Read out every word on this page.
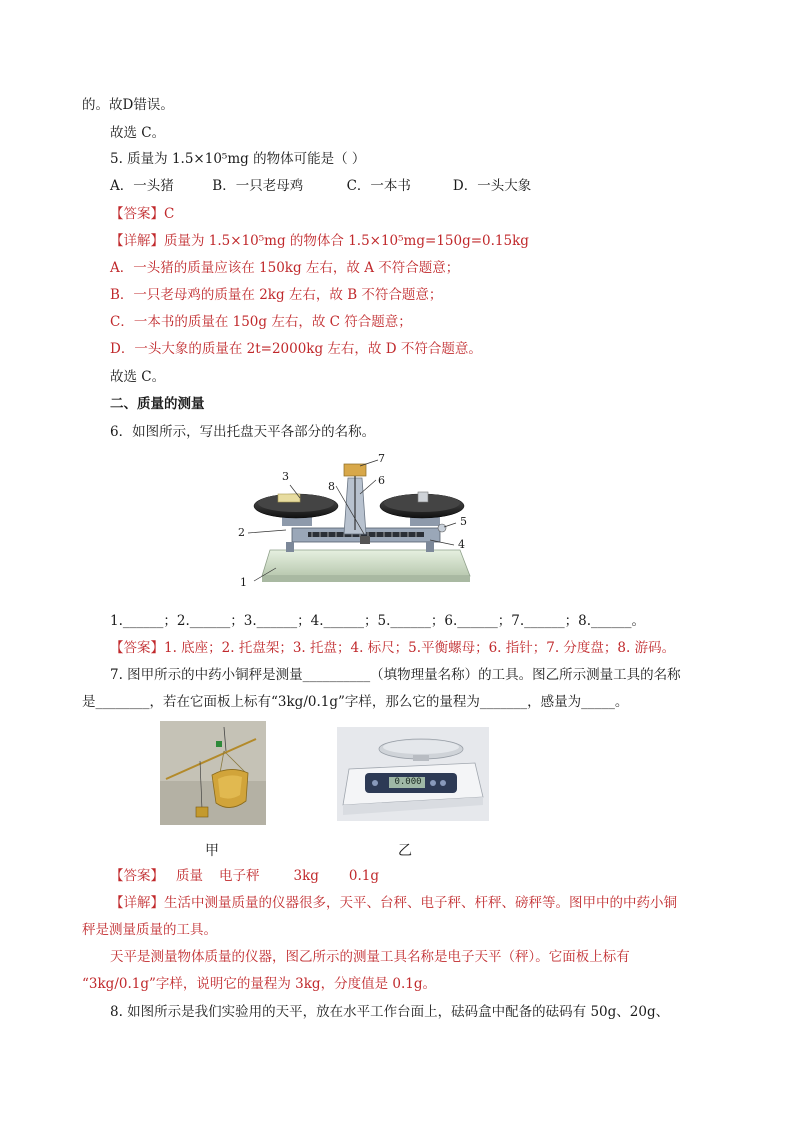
的。故D错误。
故选 C。
5. 质量为 1.5×10⁵mg 的物体可能是（ ）
A．一头猪	B．一只老母鸡	C．一本书	D．一头大象
【答案】C
【详解】质量为 1.5×10⁵mg 的物体合 1.5×10⁵mg=150g=0.15kg
A．一头猪的质量应该在 150kg 左右，故 A 不符合题意；
B．一只老母鸡的质量在 2kg 左右，故 B 不符合题意；
C．一本书的质量在 150g 左右，故 C 符合题意；
D．一头大象的质量在 2t=2000kg 左右，故 D 不符合题意。
故选 C。
二、质量的测量
6．如图所示，写出托盘天平各部分的名称。
1
2
3
4
5
6
7
8
1.______；2.______；3.______；4.______；5.______；6.______；7.______；8.______。
【答案】1. 底座；2. 托盘架；3. 托盘；4. 标尺；5.平衡螺母；6. 指针；7. 分度盘；8. 游码。
7. 图甲所示的中药小铜秤是测量__________（填物理量名称）的工具。图乙所示测量工具的名称
是________，若在它面板上标有“3kg/0.1g”字样，那么它的量程为_______，感量为_____。
0.000
甲	乙
【答案】 质量 电子秤	3kg 0.1g
【详解】生活中测量质量的仪器很多，天平、台秤、电子秤、杆秤、磅秤等。图甲中的中药小铜
秤是测量质量的工具。
天平是测量物体质量的仪器，图乙所示的测量工具名称是电子天平（秤）。它面板上标有
“3kg/0.1g”字样，说明它的量程为 3kg，分度值是 0.1g。
8. 如图所示是我们实验用的天平，放在水平工作台面上，砝码盒中配备的砝码有 50g、20g、
